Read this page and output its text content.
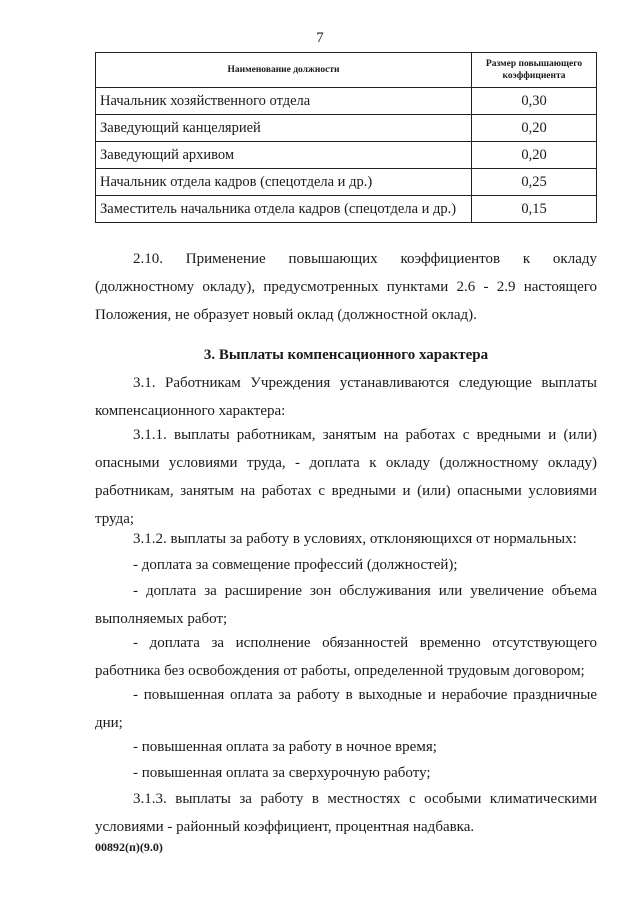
7
Наименование должности	Размер повышающего коэффициента
Начальник хозяйственного отдела	0,30
Заведующий канцелярией	0,20
Заведующий архивом	0,20
Начальник отдела кадров (спецотдела и др.)	0,25
Заместитель начальника отдела кадров (спецотдела и др.)	0,15
2.10. Применение повышающих коэффициентов к окладу (должностному окладу), предусмотренных пунктами 2.6 - 2.9 настоящего Положения, не образует новый оклад (должностной оклад).
3. Выплаты компенсационного характера
3.1. Работникам Учреждения устанавливаются следующие выплаты компенсационного характера:
3.1.1. выплаты работникам, занятым на работах с вредными и (или) опасными условиями труда, - доплата к окладу (должностному окладу) работникам, занятым на работах с вредными и (или) опасными условиями труда;
3.1.2. выплаты за работу в условиях, отклоняющихся от нормальных:
- доплата за совмещение профессий (должностей);
- доплата за расширение зон обслуживания или увеличение объема выполняемых работ;
- доплата за исполнение обязанностей временно отсутствующего работника без освобождения от работы, определенной трудовым договором;
- повышенная оплата за работу в выходные и нерабочие праздничные дни;
- повышенная оплата за работу в ночное время;
- повышенная оплата за сверхурочную работу;
3.1.3. выплаты за работу в местностях с особыми климатическими условиями - районный коэффициент, процентная надбавка.
00892(п)(9.0)
